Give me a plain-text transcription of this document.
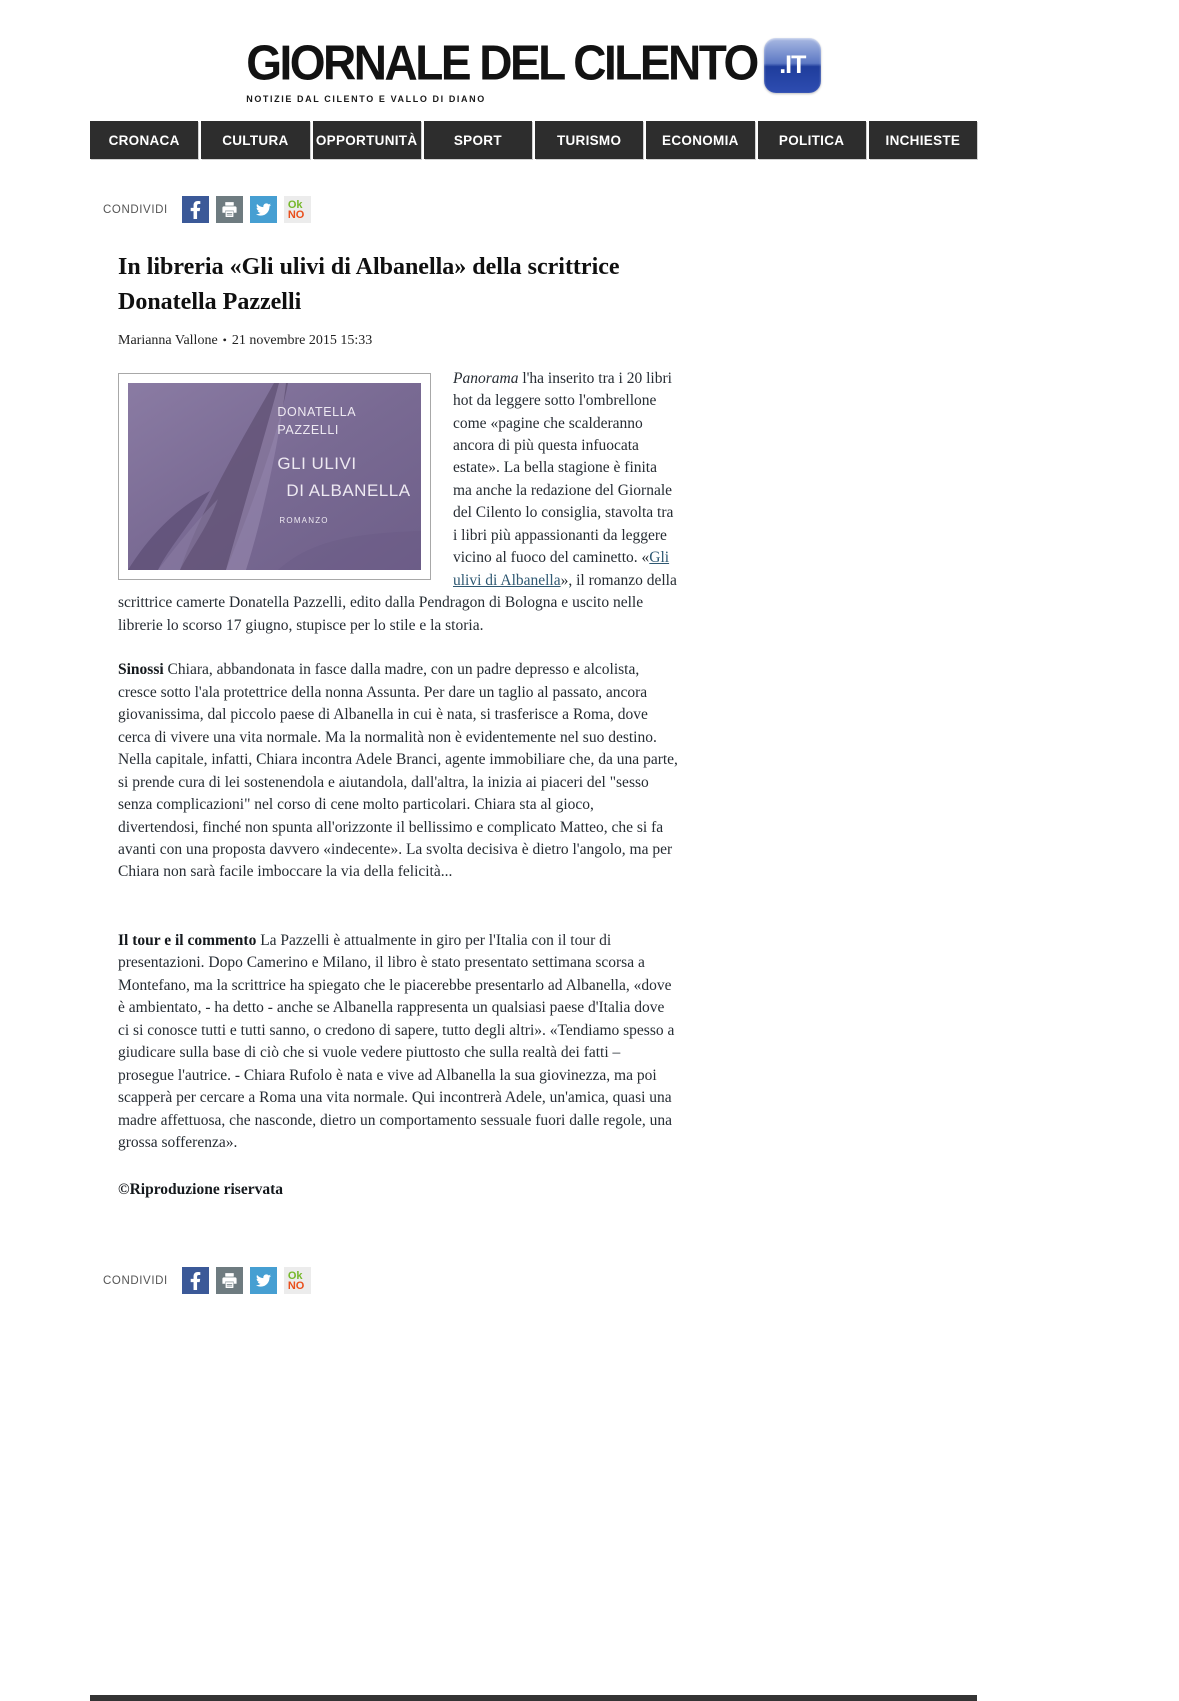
GIORNALE DEL CILENTO .IT
NOTIZIE DAL CILENTO E VALLO DI DIANO
CRONACA	CULTURA	OPPORTUNITÀ	SPORT	TURISMO	ECONOMIA	POLITICA	INCHIESTE
CONDIVIDI	Ok
NO
In libreria «Gli ulivi di Albanella» della scrittrice Donatella Pazzelli
Marianna Vallone • 21 novembre 2015 15:33
DONATELLA PAZZELLI
GLI ULIVI
DI ALBANELLA
ROMANZO

Panorama l'ha inserito tra i 20 libri hot da leggere sotto l'ombrellone come «pagine che scalderanno ancora di più questa infuocata estate». La bella stagione è finita ma anche la redazione del Giornale del Cilento lo consiglia, stavolta tra i libri più appassionanti da leggere vicino al fuoco del caminetto. «Gli ulivi di Albanella», il romanzo della scrittrice camerte Donatella Pazzelli, edito dalla Pendragon di Bologna e uscito nelle librerie lo scorso 17 giugno, stupisce per lo stile e la storia.

Sinossi Chiara, abbandonata in fasce dalla madre, con un padre depresso e alcolista, cresce sotto l'ala protettrice della nonna Assunta. Per dare un taglio al passato, ancora giovanissima, dal piccolo paese di Albanella in cui è nata, si trasferisce a Roma, dove cerca di vivere una vita normale. Ma la normalità non è evidentemente nel suo destino. Nella capitale, infatti, Chiara incontra Adele Branci, agente immobiliare che, da una parte, si prende cura di lei sostenendola e aiutandola, dall'altra, la inizia ai piaceri del "sesso senza complicazioni" nel corso di cene molto particolari. Chiara sta al gioco, divertendosi, finché non spunta all'orizzonte il bellissimo e complicato Matteo, che si fa avanti con una proposta davvero «indecente». La svolta decisiva è dietro l'angolo, ma per Chiara non sarà facile imboccare la via della felicità...

Il tour e il commento La Pazzelli è attualmente in giro per l'Italia con il tour di presentazioni. Dopo Camerino e Milano, il libro è stato presentato settimana scorsa a Montefano, ma la scrittrice ha spiegato che le piacerebbe presentarlo ad Albanella, «dove è ambientato, - ha detto - anche se Albanella rappresenta un qualsiasi paese d'Italia dove ci si conosce tutti e tutti sanno, o credono di sapere, tutto degli altri». «Tendiamo spesso a giudicare sulla base di ciò che si vuole vedere piuttosto che sulla realtà dei fatti – prosegue l'autrice. - Chiara Rufolo è nata e vive ad Albanella la sua giovinezza, ma poi scapperà per cercare a Roma una vita normale. Qui incontrerà Adele, un'amica, quasi una madre affettuosa, che nasconde, dietro un comportamento sessuale fuori dalle regole, una grossa sofferenza».

©Riproduzione riservata

CONDIVIDI	Ok
NO
